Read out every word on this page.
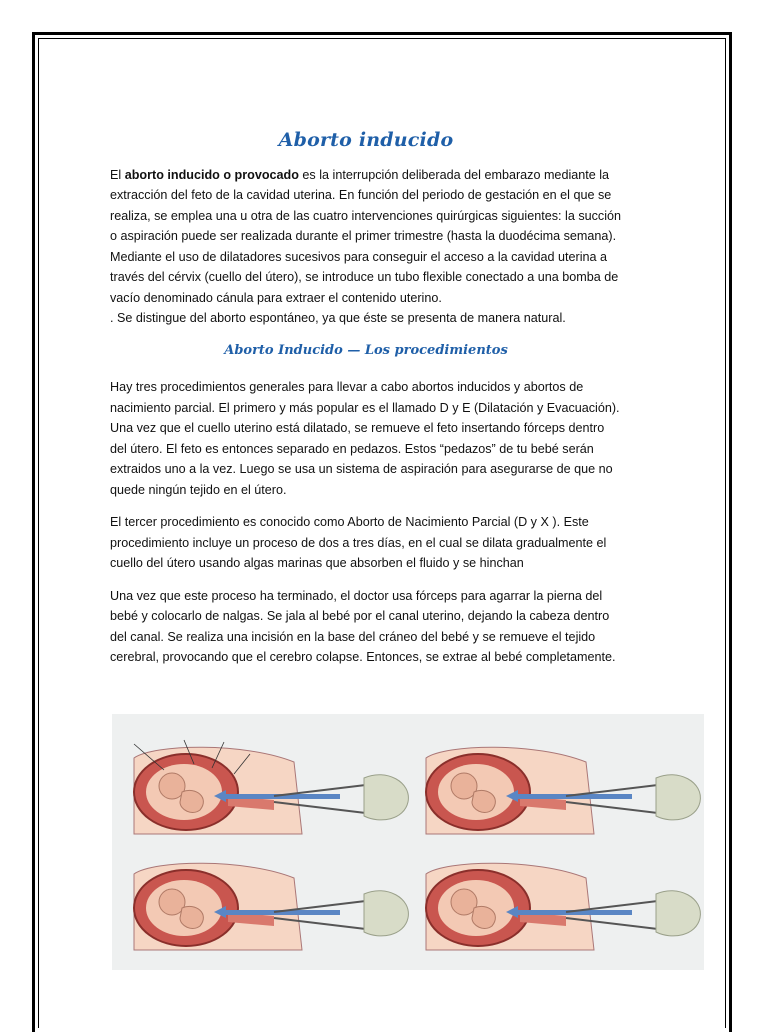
Aborto inducido

El aborto inducido o provocado es la interrupción deliberada del embarazo mediante la extracción del feto de la cavidad uterina. En función del periodo de gestación en el que se realiza, se emplea una u otra de las cuatro intervenciones quirúrgicas siguientes: la succión o aspiración puede ser realizada durante el primer trimestre (hasta la duodécima semana). Mediante el uso de dilatadores sucesivos para conseguir el acceso a la cavidad uterina a través del cérvix (cuello del útero), se introduce un tubo flexible conectado a una bomba de vacío denominado cánula para extraer el contenido uterino.

. Se distingue del aborto espontáneo, ya que éste se presenta de manera natural.

Aborto Inducido — Los procedimientos

Hay tres procedimientos generales para llevar a cabo abortos inducidos y abortos de nacimiento parcial. El primero y más popular es el llamado D y E (Dilatación y Evacuación). Una vez que el cuello uterino está dilatado, se remueve el feto insertando fórceps dentro del útero. El feto es entonces separado en pedazos. Estos “pedazos” de tu bebé serán extraidos uno a la vez. Luego se usa un sistema de aspiración para asegurarse de que no quede ningún tejido en el útero.

El tercer procedimiento es conocido como Aborto de Nacimiento Parcial (D y X ). Este procedimiento incluye un proceso de dos a tres días, en el cual se dilata gradualmente el cuello del útero usando algas marinas que absorben el fluido y se hinchan

Una vez que este proceso ha terminado, el doctor usa fórceps para agarrar la pierna del bebé y colocarlo de nalgas. Se jala al bebé por el canal uterino, dejando la cabeza dentro del canal. Se realiza una incisión en la base del cráneo del bebé y se remueve el tejido cerebral, provocando que el cerebro colapse. Entonces, se extrae al bebé completamente.
